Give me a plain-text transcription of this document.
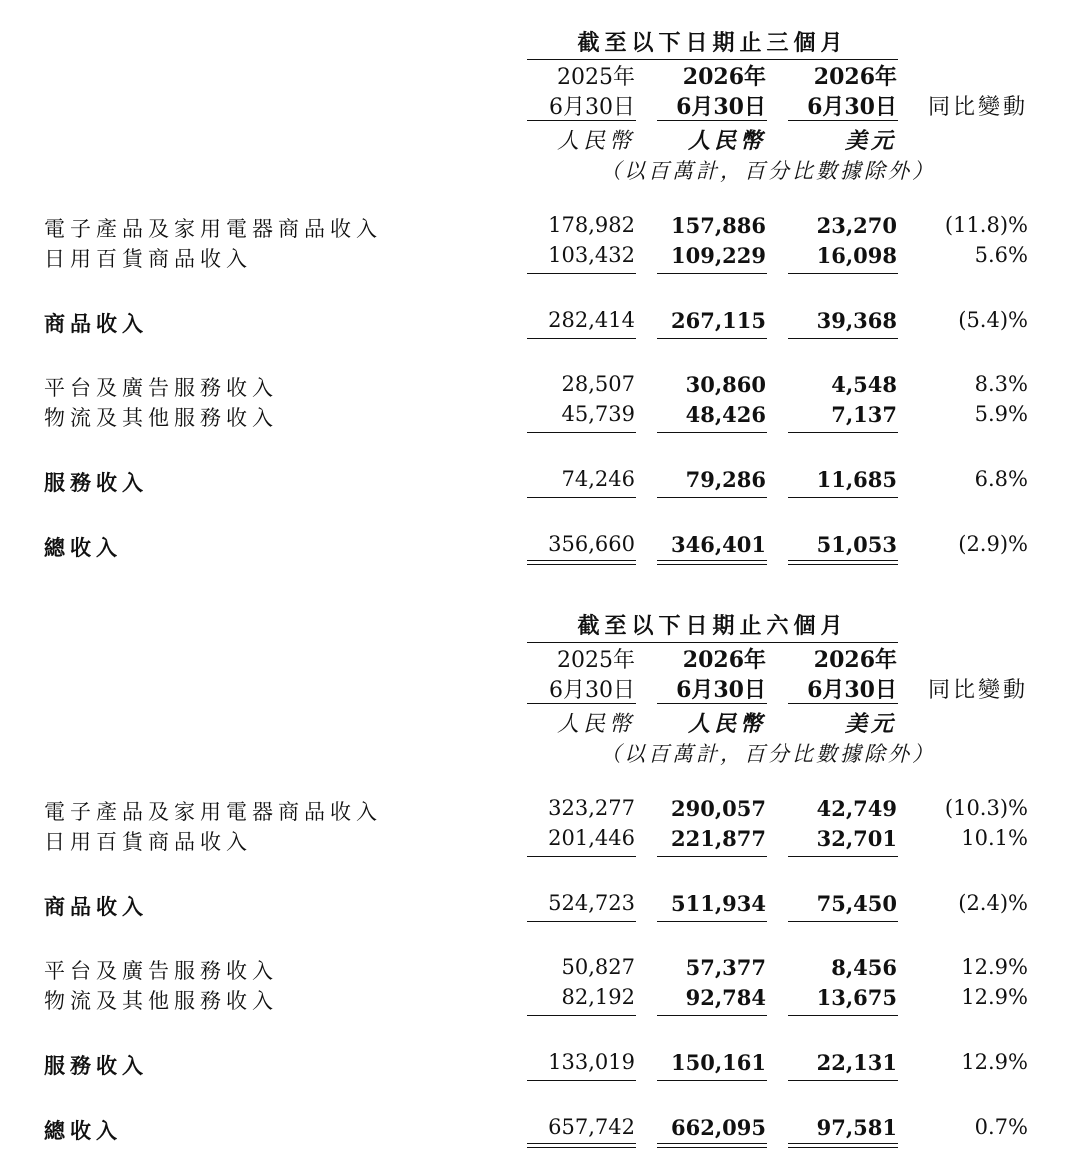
截至以下日期止三個月
2025年 2026年 2026年
6月30日 6月30日 6月30日 同比變動
人民幣 人民幣	美元
（以百萬計，百分比數據除外）
電子產品及家用電器商品收入	178,982 157,886 23,270 (11.8)%
日用百貨商品收入	103,432 109,229 16,098	5.6%
商品收入	282,414 267,115 39,368	(5.4)%
平台及廣告服務收入	28,507 30,860	4,548	8.3%
物流及其他服務收入	45,739 48,426	7,137	5.9%
服務收入	74,246 79,286 11,685	6.8%
總收入	356,660 346,401 51,053	(2.9)%
截至以下日期止六個月
2025年 2026年 2026年
6月30日 6月30日 6月30日 同比變動
人民幣 人民幣	美元
（以百萬計，百分比數據除外）
電子產品及家用電器商品收入	323,277 290,057 42,749 (10.3)%
日用百貨商品收入	201,446 221,877 32,701	10.1%
商品收入	524,723 511,934 75,450	(2.4)%
平台及廣告服務收入	50,827 57,377	8,456	12.9%
物流及其他服務收入	82,192 92,784 13,675	12.9%
服務收入	133,019 150,161 22,131	12.9%
總收入	657,742 662,095 97,581	0.7%
